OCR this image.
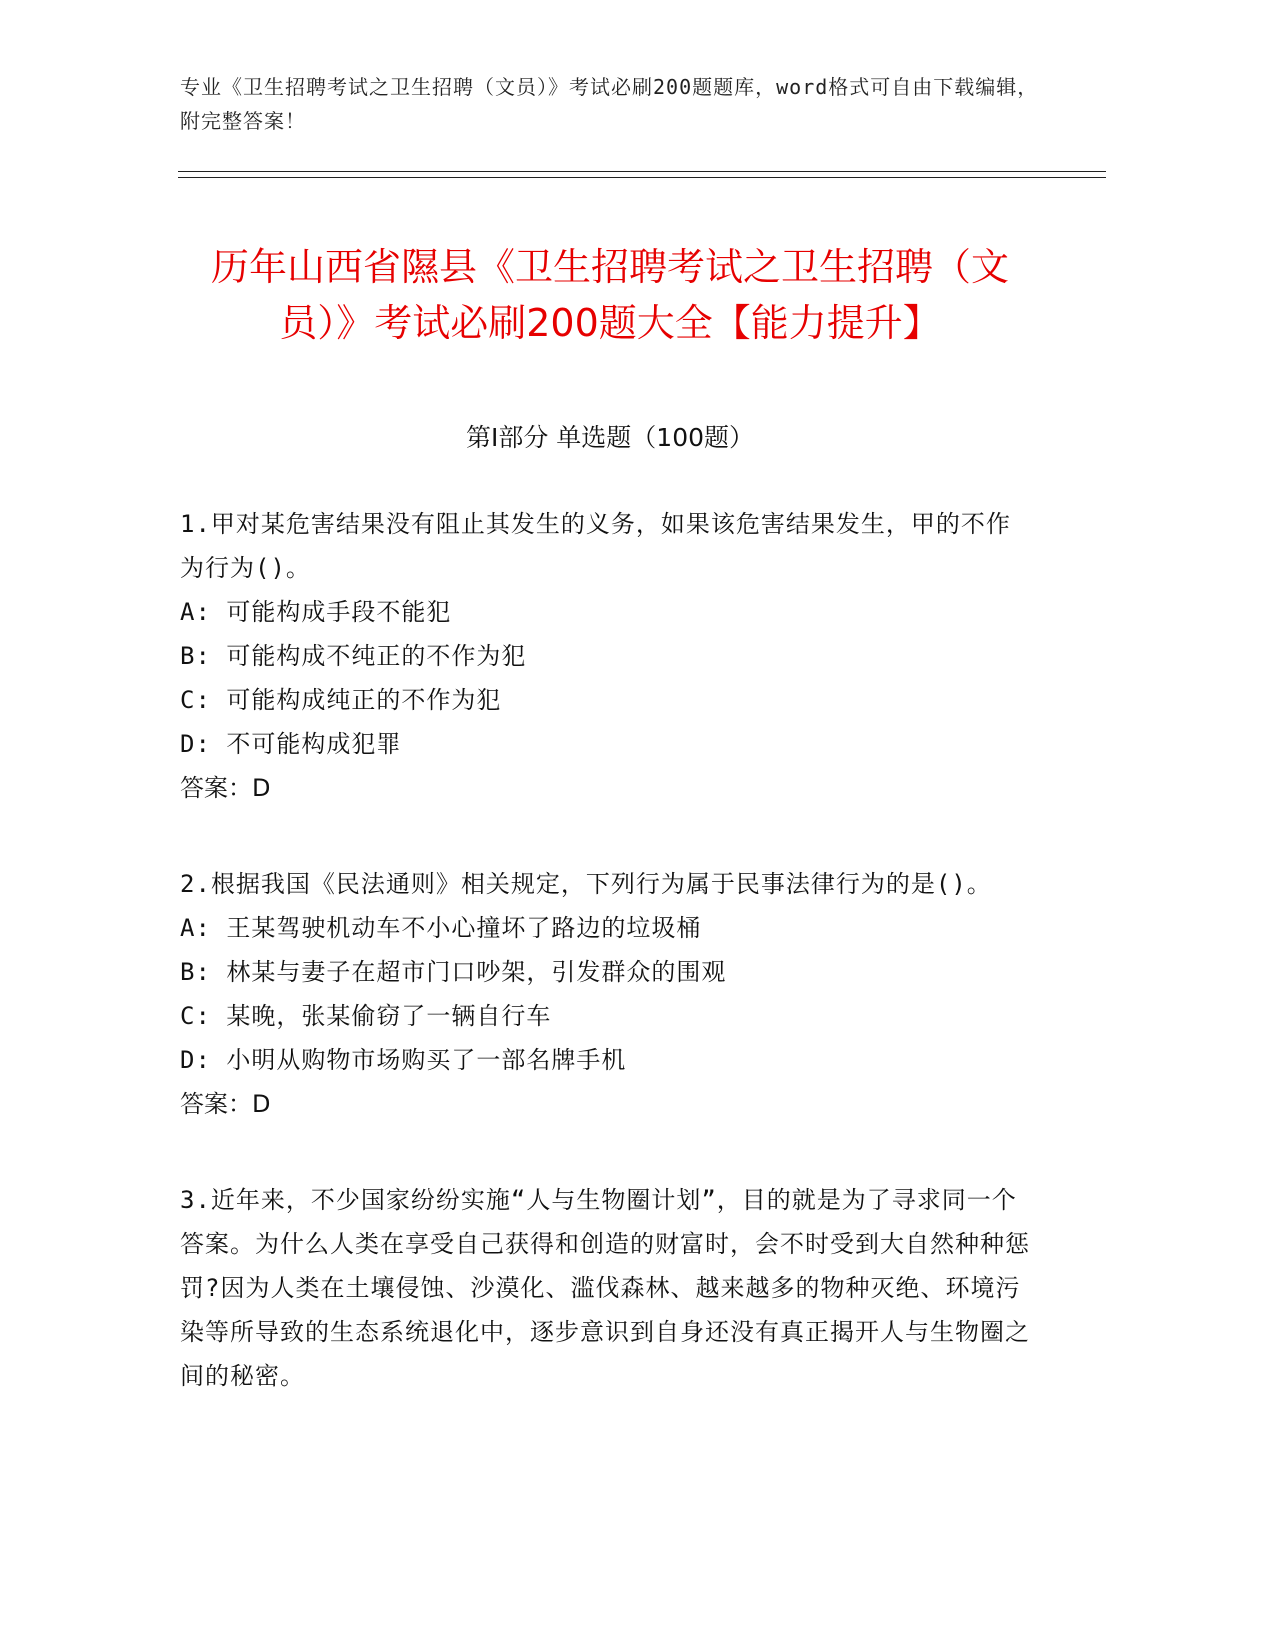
专业《卫生招聘考试之卫生招聘（文员）》考试必刷200题题库，word格式可自由下载编辑，附完整答案！
历年山西省隰县《卫生招聘考试之卫生招聘（文员）》考试必刷200题大全【能力提升】
第I部分 单选题（100题）
1.甲对某危害结果没有阻止其发生的义务，如果该危害结果发生，甲的不作为行为()。
A: 可能构成手段不能犯
B: 可能构成不纯正的不作为犯
C: 可能构成纯正的不作为犯
D: 不可能构成犯罪
答案：D
2.根据我国《民法通则》相关规定，下列行为属于民事法律行为的是()。
A: 王某驾驶机动车不小心撞坏了路边的垃圾桶
B: 林某与妻子在超市门口吵架，引发群众的围观
C: 某晚，张某偷窃了一辆自行车
D: 小明从购物市场购买了一部名牌手机
答案：D
3.近年来，不少国家纷纷实施“人与生物圈计划”，目的就是为了寻求同一个答案。为什么人类在享受自己获得和创造的财富时，会不时受到大自然种种惩罚?因为人类在土壤侵蚀、沙漠化、滥伐森林、越来越多的物种灭绝、环境污染等所导致的生态系统退化中，逐步意识到自身还没有真正揭开人与生物圈之间的秘密。
